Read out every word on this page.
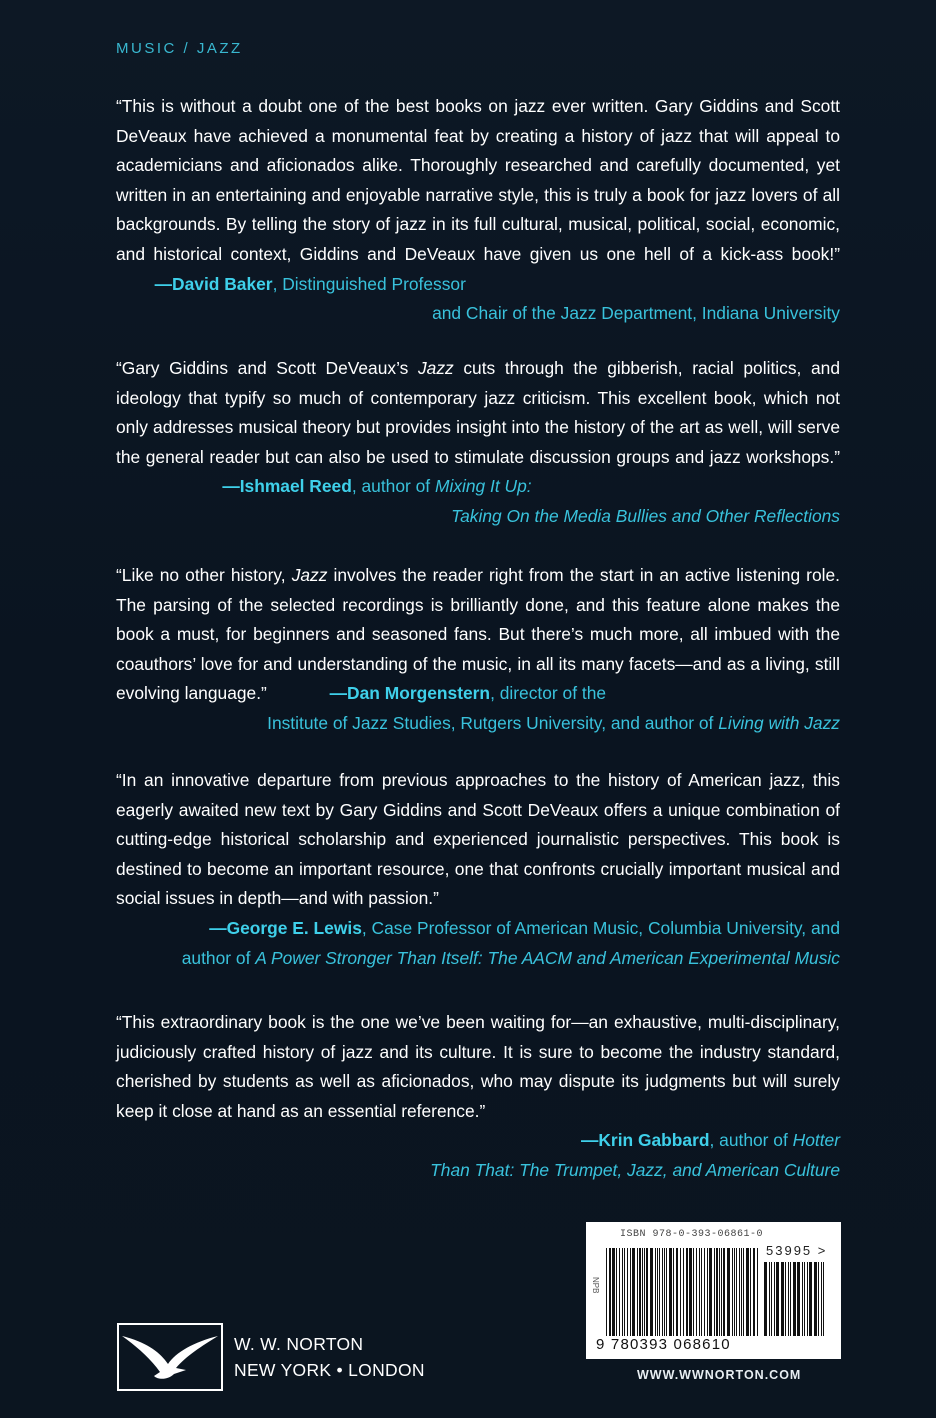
MUSIC / JAZZ
“This is without a doubt one of the best books on jazz ever written. Gary Giddins and Scott DeVeaux have achieved a monumental feat by creating a history of jazz that will appeal to academicians and aficionados alike. Thoroughly researched and carefully documented, yet written in an entertaining and enjoyable narrative style, this is truly a book for jazz lovers of all backgrounds. By telling the story of jazz in its full cultural, musical, political, social, economic, and historical context, Giddins and DeVeaux have given us one hell of a kick-ass book!”         —David Baker, Distinguished Professor
and Chair of the Jazz Department, Indiana University
“Gary Giddins and Scott DeVeaux’s Jazz cuts through the gibberish, racial politics, and ideology that typify so much of contemporary jazz criticism. This excellent book, which not only addresses musical theory but provides insight into the history of the art as well, will serve the general reader but can also be used to stimulate discussion groups and jazz workshops.”                       —Ishmael Reed, author of Mixing It Up:
Taking On the Media Bullies and Other Reflections
“Like no other history, Jazz involves the reader right from the start in an active listening role. The parsing of the selected recordings is brilliantly done, and this feature alone makes the book a must, for beginners and seasoned fans. But there’s much more, all imbued with the coauthors’ love for and understanding of the music, in all its many facets—and as a living, still evolving language.”	—Dan Morgenstern, director of the
Institute of Jazz Studies, Rutgers University, and author of Living with Jazz
“In an innovative departure from previous approaches to the history of American jazz, this eagerly awaited new text by Gary Giddins and Scott DeVeaux offers a unique combination of cutting-edge historical scholarship and experienced journalistic perspectives. This book is destined to become an important resource, one that confronts crucially important musical and social issues in depth—and with passion.”
—George E. Lewis, Case Professor of American Music, Columbia University, and
author of A Power Stronger Than Itself: The AACM and American Experimental Music
“This extraordinary book is the one we’ve been waiting for—an exhaustive, multi-disciplinary, judiciously crafted history of jazz and its culture. It is sure to become the industry standard, cherished by students as well as aficionados, who may dispute its judgments but will surely keep it close at hand as an essential reference.”
—Krin Gabbard, author of Hotter
Than That: The Trumpet, Jazz, and American Culture
W. W. NORTON
NEW YORK • LONDON
ISBN 978-0-393-06861-0
53995 >
NPB
9 780393 068610
WWW.WWNORTON.COM
